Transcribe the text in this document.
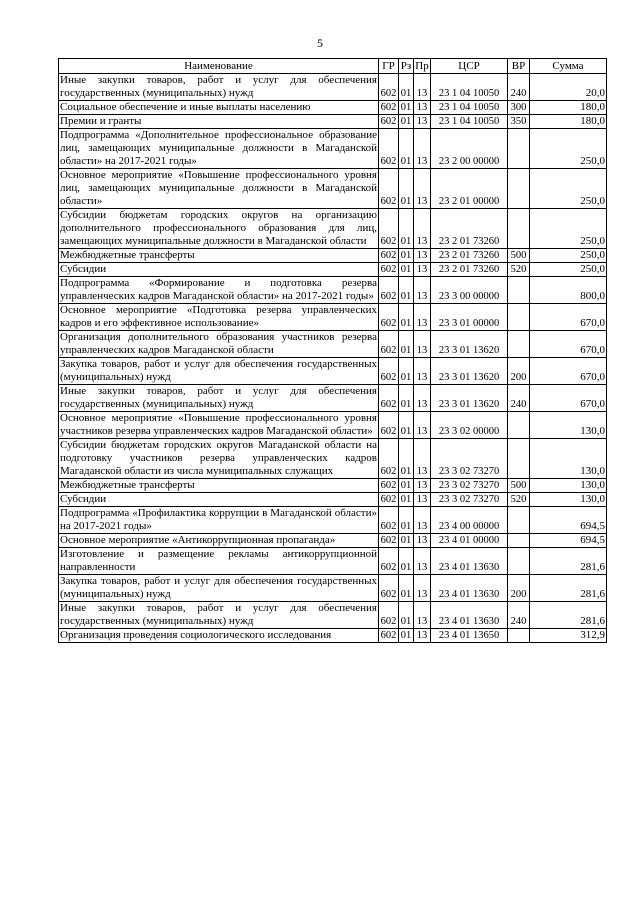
5
Наименование	ГР	Рз	Пр	ЦСР	ВР	Сумма
Иные закупки товаров, работ и услуг для обеспечения государственных (муниципальных) нужд	602	01	13	23 1 04 10050	240	20,0
Социальное обеспечение и иные выплаты населению	602	01	13	23 1 04 10050	300	180,0
Премии и гранты	602	01	13	23 1 04 10050	350	180,0
Подпрограмма «Дополнительное профессиональное образование лиц, замещающих муниципальные должности в Магаданской области» на 2017-2021 годы»	602	01	13	23 2 00 00000		250,0
Основное мероприятие «Повышение профессионального уровня лиц, замещающих муниципальные должности в Магаданской области»	602	01	13	23 2 01 00000		250,0
Субсидии бюджетам городских округов на организацию дополнительного профессионального образования для лиц, замещающих муниципальные должности в Магаданской области	602	01	13	23 2 01 73260		250,0
Межбюджетные трансферты	602	01	13	23 2 01 73260	500	250,0
Субсидии	602	01	13	23 2 01 73260	520	250,0
Подпрограмма «Формирование и подготовка резерва управленческих кадров Магаданской области» на 2017-2021 годы»	602	01	13	23 3 00 00000		800,0
Основное мероприятие «Подготовка резерва управленческих кадров и его эффективное использование»	602	01	13	23 3 01 00000		670,0
Организация дополнительного образования участников резерва управленческих кадров Магаданской области	602	01	13	23 3 01 13620		670,0
Закупка товаров, работ и услуг для обеспечения государственных (муниципальных) нужд	602	01	13	23 3 01 13620	200	670,0
Иные закупки товаров, работ и услуг для обеспечения государственных (муниципальных) нужд	602	01	13	23 3 01 13620	240	670,0
Основное мероприятие «Повышение профессионального уровня участников резерва управленческих кадров Магаданской области»	602	01	13	23 3 02 00000		130,0
Субсидии бюджетам городских округов Магаданской области на подготовку участников резерва управленческих кадров Магаданской области из числа муниципальных служащих	602	01	13	23 3 02 73270		130,0
Межбюджетные трансферты	602	01	13	23 3 02 73270	500	130,0
Субсидии	602	01	13	23 3 02 73270	520	130,0
Подпрограмма «Профилактика коррупции в Магаданской области» на 2017-2021 годы»	602	01	13	23 4 00 00000		694,5
Основное мероприятие «Антикоррупционная пропаганда»	602	01	13	23 4 01 00000		694,5
Изготовление и размещение рекламы антикоррупционной направленности	602	01	13	23 4 01 13630		281,6
Закупка товаров, работ и услуг для обеспечения государственных (муниципальных) нужд	602	01	13	23 4 01 13630	200	281,6
Иные закупки товаров, работ и услуг для обеспечения государственных (муниципальных) нужд	602	01	13	23 4 01 13630	240	281,6
Организация проведения социологического исследования	602	01	13	23 4 01 13650		312,9
